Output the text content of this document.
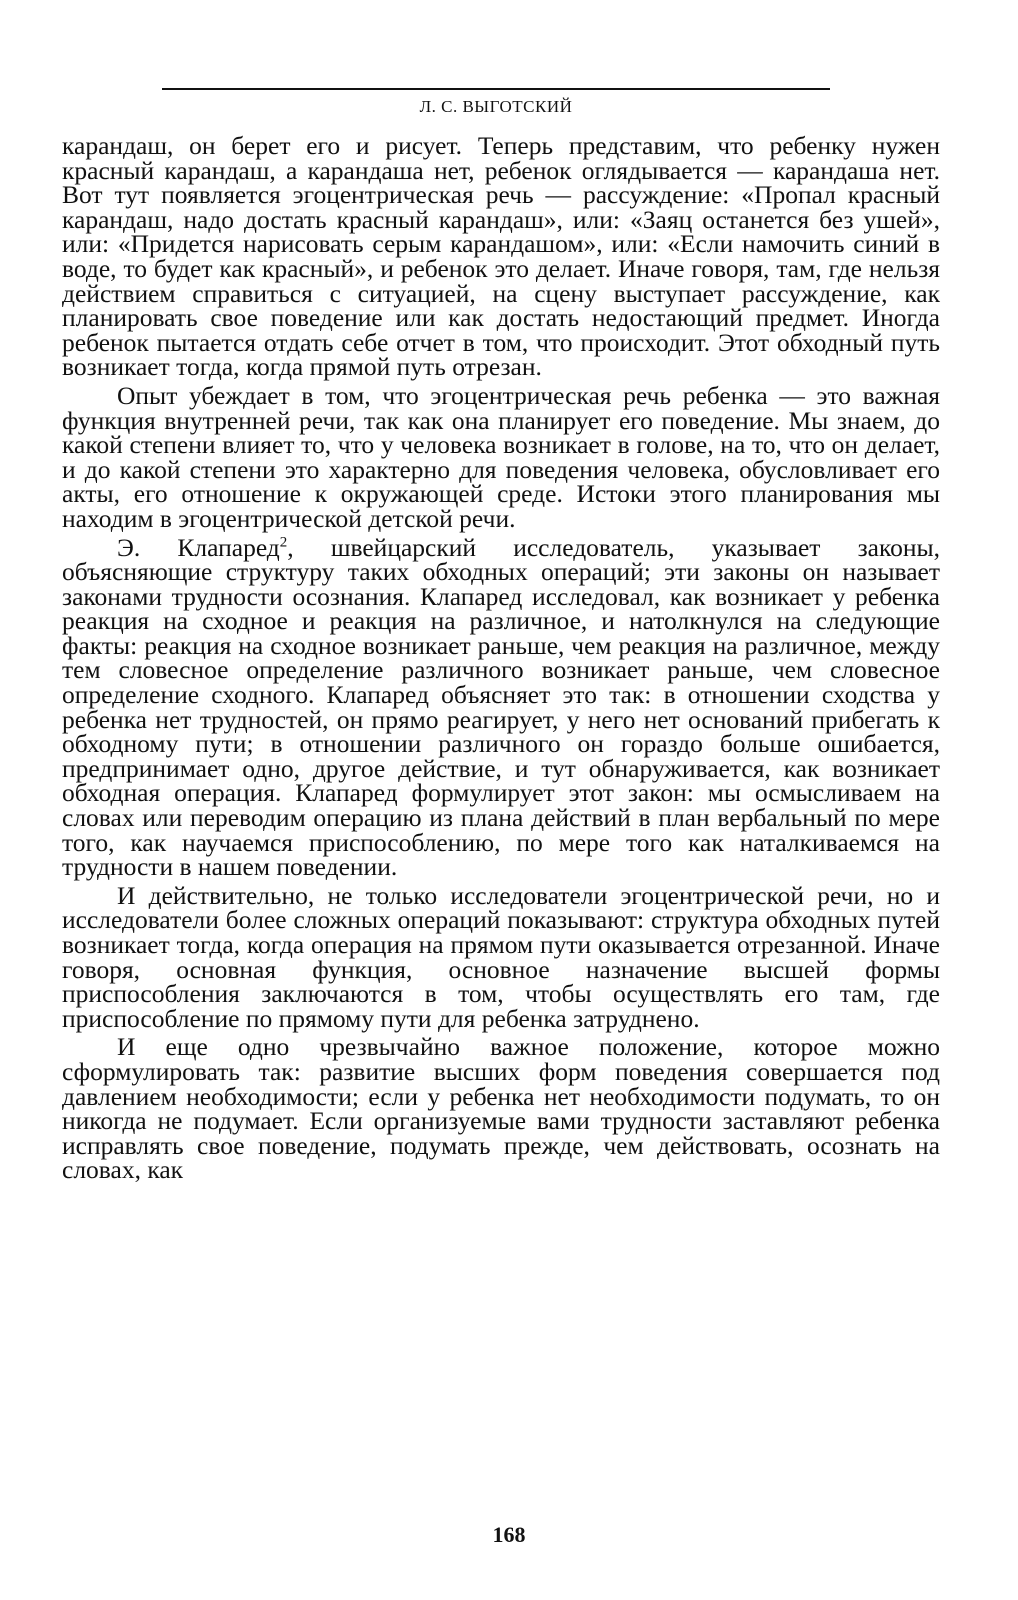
Л. С. ВЫГОТСКИЙ

карандаш, он берет его и рисует. Теперь представим, что ребенку нужен красный карандаш, а карандаша нет, ребенок оглядывается — карандаша нет. Вот тут появляется эгоцентрическая речь — рассуждение: «Пропал красный карандаш, надо достать красный карандаш», или: «Заяц останется без ушей», или: «Придется нарисовать серым карандашом», или: «Если намочить синий в воде, то будет как красный», и ребенок это делает. Иначе говоря, там, где нельзя действием справиться с ситуацией, на сцену выступает рассуждение, как планировать свое поведение или как достать недостающий предмет. Иногда ребенок пытается отдать себе отчет в том, что происходит. Этот обходный путь возникает тогда, когда прямой путь отрезан.

Опыт убеждает в том, что эгоцентрическая речь ребенка — это важная функция внутренней речи, так как она планирует его поведение. Мы знаем, до какой степени влияет то, что у человека возникает в голове, на то, что он делает, и до какой степени это характерно для поведения человека, обусловливает его акты, его отношение к окружающей среде. Истоки этого планирования мы находим в эгоцентрической детской речи.

Э. Клапаред$^2$, швейцарский исследователь, указывает законы, объясняющие структуру таких обходных операций; эти законы он называет законами трудности осознания. Клапаред исследовал, как возникает у ребенка реакция на сходное и реакция на различное, и натолкнулся на следующие факты: реакция на сходное возникает раньше, чем реакция на различное, между тем словесное определение различного возникает раньше, чем словесное определение сходного. Клапаред объясняет это так: в отношении сходства у ребенка нет трудностей, он прямо реагирует, у него нет оснований прибегать к обходному пути; в отношении различного он гораздо больше ошибается, предпринимает одно, другое действие, и тут обнаруживается, как возникает обходная операция. Клапаред формулирует этот закон: мы осмысливаем на словах или переводим операцию из плана действий в план вербальный по мере того, как научаемся приспособлению, по мере того как наталкиваемся на трудности в нашем поведении.

И действительно, не только исследователи эгоцентрической речи, но и исследователи более сложных операций показывают: структура обходных путей возникает тогда, когда операция на прямом пути оказывается отрезанной. Иначе говоря, основная функция, основное назначение высшей формы приспособления заключаются в том, чтобы осуществлять его там, где приспособление по прямому пути для ребенка затруднено.

И еще одно чрезвычайно важное положение, которое можно сформулировать так: развитие высших форм поведения совершается под давлением необходимости; если у ребенка нет необходимости подумать, то он никогда не подумает. Если организуемые вами трудности заставляют ребенка исправлять свое поведение, подумать прежде, чем действовать, осознать на словах, как

168
